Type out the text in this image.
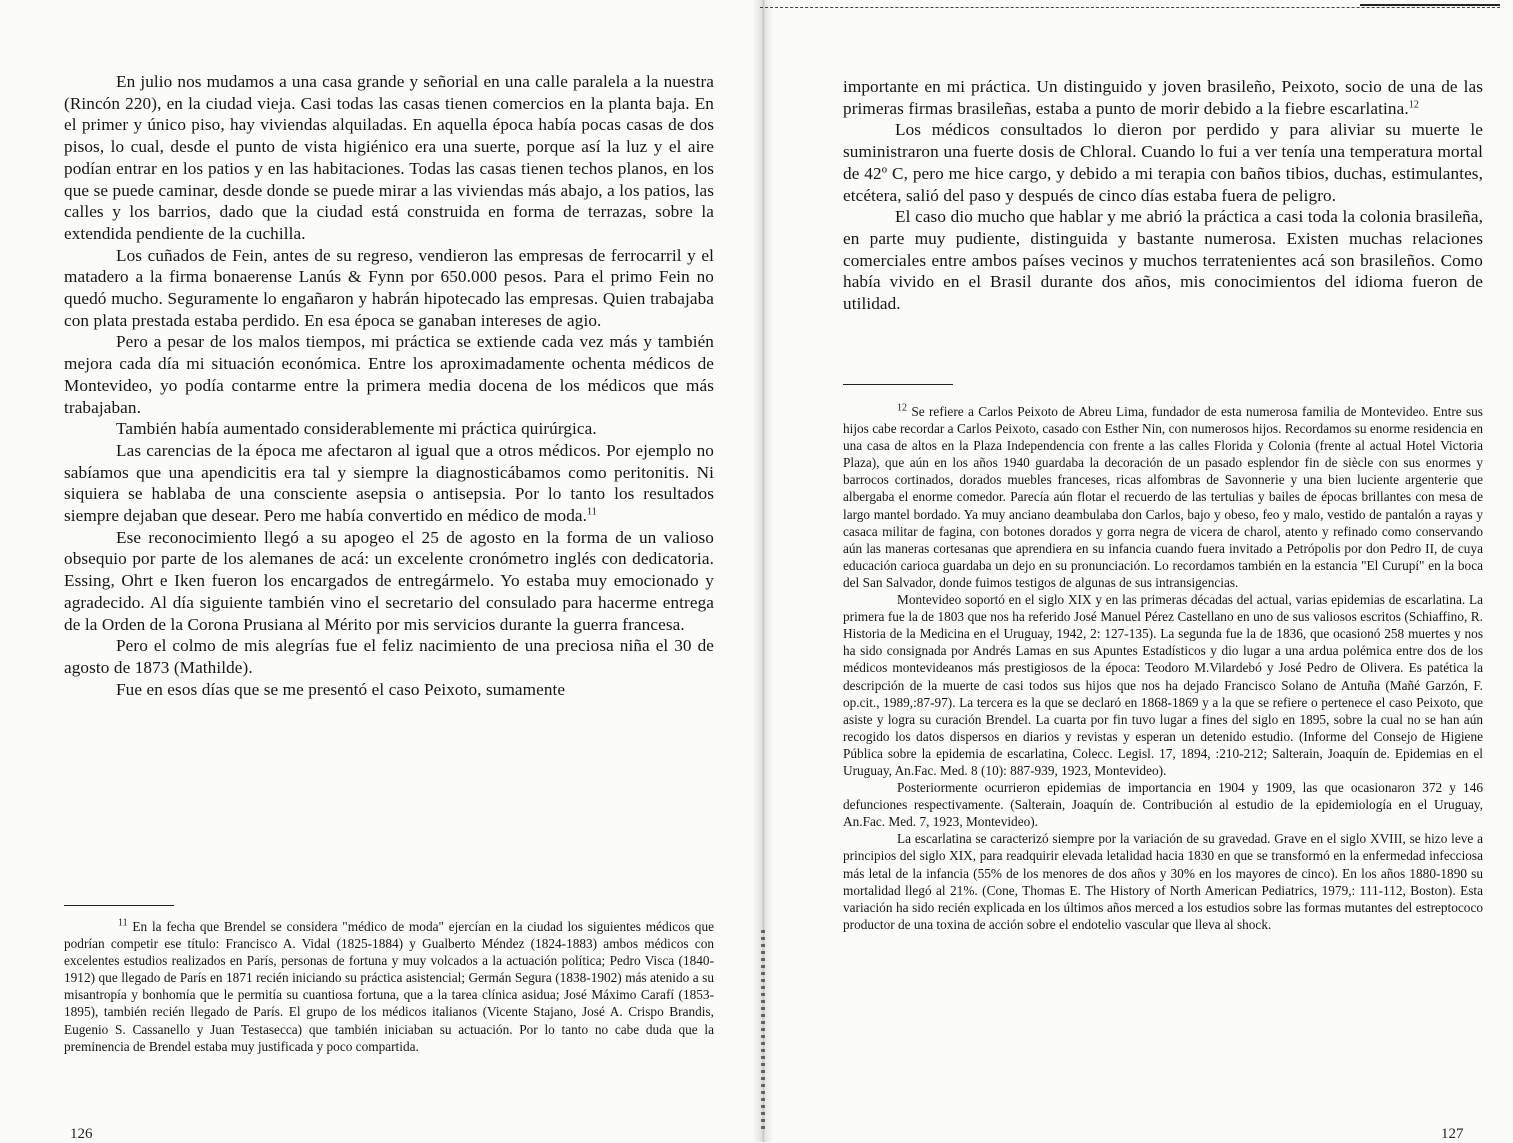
En julio nos mudamos a una casa grande y señorial en una calle paralela a la nuestra (Rincón 220), en la ciudad vieja. Casi todas las casas tienen comercios en la planta baja. En el primer y único piso, hay viviendas alquiladas. En aquella época había pocas casas de dos pisos, lo cual, desde el punto de vista higiénico era una suerte, porque así la luz y el aire podían entrar en los patios y en las habitaciones. Todas las casas tienen techos planos, en los que se puede caminar, desde donde se puede mirar a las viviendas más abajo, a los patios, las calles y los barrios, dado que la ciudad está construida en forma de terrazas, sobre la extendida pendiente de la cuchilla.

Los cuñados de Fein, antes de su regreso, vendieron las empresas de ferrocarril y el matadero a la firma bonaerense Lanús & Fynn por 650.000 pesos. Para el primo Fein no quedó mucho. Seguramente lo engañaron y habrán hipotecado las empresas. Quien trabajaba con plata prestada estaba perdido. En esa época se ganaban intereses de agio.

Pero a pesar de los malos tiempos, mi práctica se extiende cada vez más y también mejora cada día mi situación económica. Entre los aproximadamente ochenta médicos de Montevideo, yo podía contarme entre la primera media docena de los médicos que más trabajaban.

También había aumentado considerablemente mi práctica quirúrgica.

Las carencias de la época me afectaron al igual que a otros médicos. Por ejemplo no sabíamos que una apendicitis era tal y siempre la diagnosticábamos como peritonitis. Ni siquiera se hablaba de una consciente asepsia o antisepsia. Por lo tanto los resultados siempre dejaban que desear. Pero me había convertido en médico de moda.$^{11}$

Ese reconocimiento llegó a su apogeo el 25 de agosto en la forma de un valioso obsequio por parte de los alemanes de acá: un excelente cronómetro inglés con dedicatoria. Essing, Ohrt e Iken fueron los encargados de entregármelo. Yo estaba muy emocionado y agradecido. Al día siguiente también vino el secretario del consulado para hacerme entrega de la Orden de la Corona Prusiana al Mérito por mis servicios durante la guerra francesa.

Pero el colmo de mis alegrías fue el feliz nacimiento de una preciosa niña el 30 de agosto de 1873 (Mathilde).

Fue en esos días que se me presentó el caso Peixoto, sumamente

$^{11}$ En la fecha que Brendel se considera "médico de moda" ejercían en la ciudad los siguientes médicos que podrían competir ese título: Francisco A. Vidal (1825-1884) y Gualberto Méndez (1824-1883) ambos médicos con excelentes estudios realizados en París, personas de fortuna y muy volcados a la actuación política; Pedro Visca (1840-1912) que llegado de París en 1871 recién iniciando su práctica asistencial; Germán Segura (1838-1902) más atenido a su misantropía y bonhomía que le permitía su cuantiosa fortuna, que a la tarea clínica asidua; José Máximo Carafí (1853-1895), también recién llegado de París. El grupo de los médicos italianos (Vicente Stajano, José A. Crispo Brandis, Eugenio S. Cassanello y Juan Testasecca) que también iniciaban su actuación. Por lo tanto no cabe duda que la preminencia de Brendel estaba muy justificada y poco compartida.

126

importante en mi práctica. Un distinguido y joven brasileño, Peixoto, socio de una de las primeras firmas brasileñas, estaba a punto de morir debido a la fiebre escarlatina.$^{12}$

Los médicos consultados lo dieron por perdido y para aliviar su muerte le suministraron una fuerte dosis de Chloral. Cuando lo fui a ver tenía una temperatura mortal de 42º C, pero me hice cargo, y debido a mi terapia con baños tibios, duchas, estimulantes, etcétera, salió del paso y después de cinco días estaba fuera de peligro.

El caso dio mucho que hablar y me abrió la práctica a casi toda la colonia brasileña, en parte muy pudiente, distinguida y bastante numerosa. Existen muchas relaciones comerciales entre ambos países vecinos y muchos terratenientes acá son brasileños. Como había vivido en el Brasil durante dos años, mis conocimientos del idioma fueron de utilidad.

$^{12}$ Se refiere a Carlos Peixoto de Abreu Lima, fundador de esta numerosa familia de Montevideo. Entre sus hijos cabe recordar a Carlos Peixoto, casado con Esther Nin, con numerosos hijos. Recordamos su enorme residencia en una casa de altos en la Plaza Independencia con frente a las calles Florida y Colonia (frente al actual Hotel Victoria Plaza), que aún en los años 1940 guardaba la decoración de un pasado esplendor fin de siècle con sus enormes y barrocos cortinados, dorados muebles franceses, ricas alfombras de Savonnerie y una bien luciente argenterie que albergaba el enorme comedor. Parecía aún flotar el recuerdo de las tertulias y bailes de épocas brillantes con mesa de largo mantel bordado. Ya muy anciano deambulaba don Carlos, bajo y obeso, feo y malo, vestido de pantalón a rayas y casaca militar de fagina, con botones dorados y gorra negra de vicera de charol, atento y refinado como conservando aún las maneras cortesanas que aprendiera en su infancia cuando fuera invitado a Petrópolis por don Pedro II, de cuya educación carioca guardaba un dejo en su pronunciación. Lo recordamos también en la estancia "El Curupí" en la boca del San Salvador, donde fuimos testigos de algunas de sus intransigencias.

Montevideo soportó en el siglo XIX y en las primeras décadas del actual, varias epidemias de escarlatina. La primera fue la de 1803 que nos ha referido José Manuel Pérez Castellano en uno de sus valiosos escritos (Schiaffino, R. Historia de la Medicina en el Uruguay, 1942, 2: 127-135). La segunda fue la de 1836, que ocasionó 258 muertes y nos ha sido consignada por Andrés Lamas en sus Apuntes Estadísticos y dio lugar a una ardua polémica entre dos de los médicos montevideanos más prestigiosos de la época: Teodoro M.Vilardebó y José Pedro de Olivera. Es patética la descripción de la muerte de casi todos sus hijos que nos ha dejado Francisco Solano de Antuña (Mañé Garzón, F. op.cit., 1989,:87-97). La tercera es la que se declaró en 1868-1869 y a la que se refiere o pertenece el caso Peixoto, que asiste y logra su curación Brendel. La cuarta por fin tuvo lugar a fines del siglo en 1895, sobre la cual no se han aún recogido los datos dispersos en diarios y revistas y esperan un detenido estudio. (Informe del Consejo de Higiene Pública sobre la epidemia de escarlatina, Colecc. Legisl. 17, 1894, :210-212; Salterain, Joaquín de. Epidemias en el Uruguay, An.Fac. Med. 8 (10): 887-939, 1923, Montevideo).

Posteriormente ocurrieron epidemias de importancia en 1904 y 1909, las que ocasionaron 372 y 146 defunciones respectivamente. (Salterain, Joaquín de. Contribución al estudio de la epidemiología en el Uruguay, An.Fac. Med. 7, 1923, Montevideo).

La escarlatina se caracterizó siempre por la variación de su gravedad. Grave en el siglo XVIII, se hizo leve a principios del siglo XIX, para readquirir elevada letalidad hacia 1830 en que se transformó en la enfermedad infecciosa más letal de la infancia (55% de los menores de dos años y 30% en los mayores de cinco). En los años 1880-1890 su mortalidad llegó al 21%. (Cone, Thomas E. The History of North American Pediatrics, 1979,: 111-112, Boston). Esta variación ha sido recién explicada en los últimos años merced a los estudios sobre las formas mutantes del estreptococo productor de una toxina de acción sobre el endotelio vascular que lleva al shock.

127
